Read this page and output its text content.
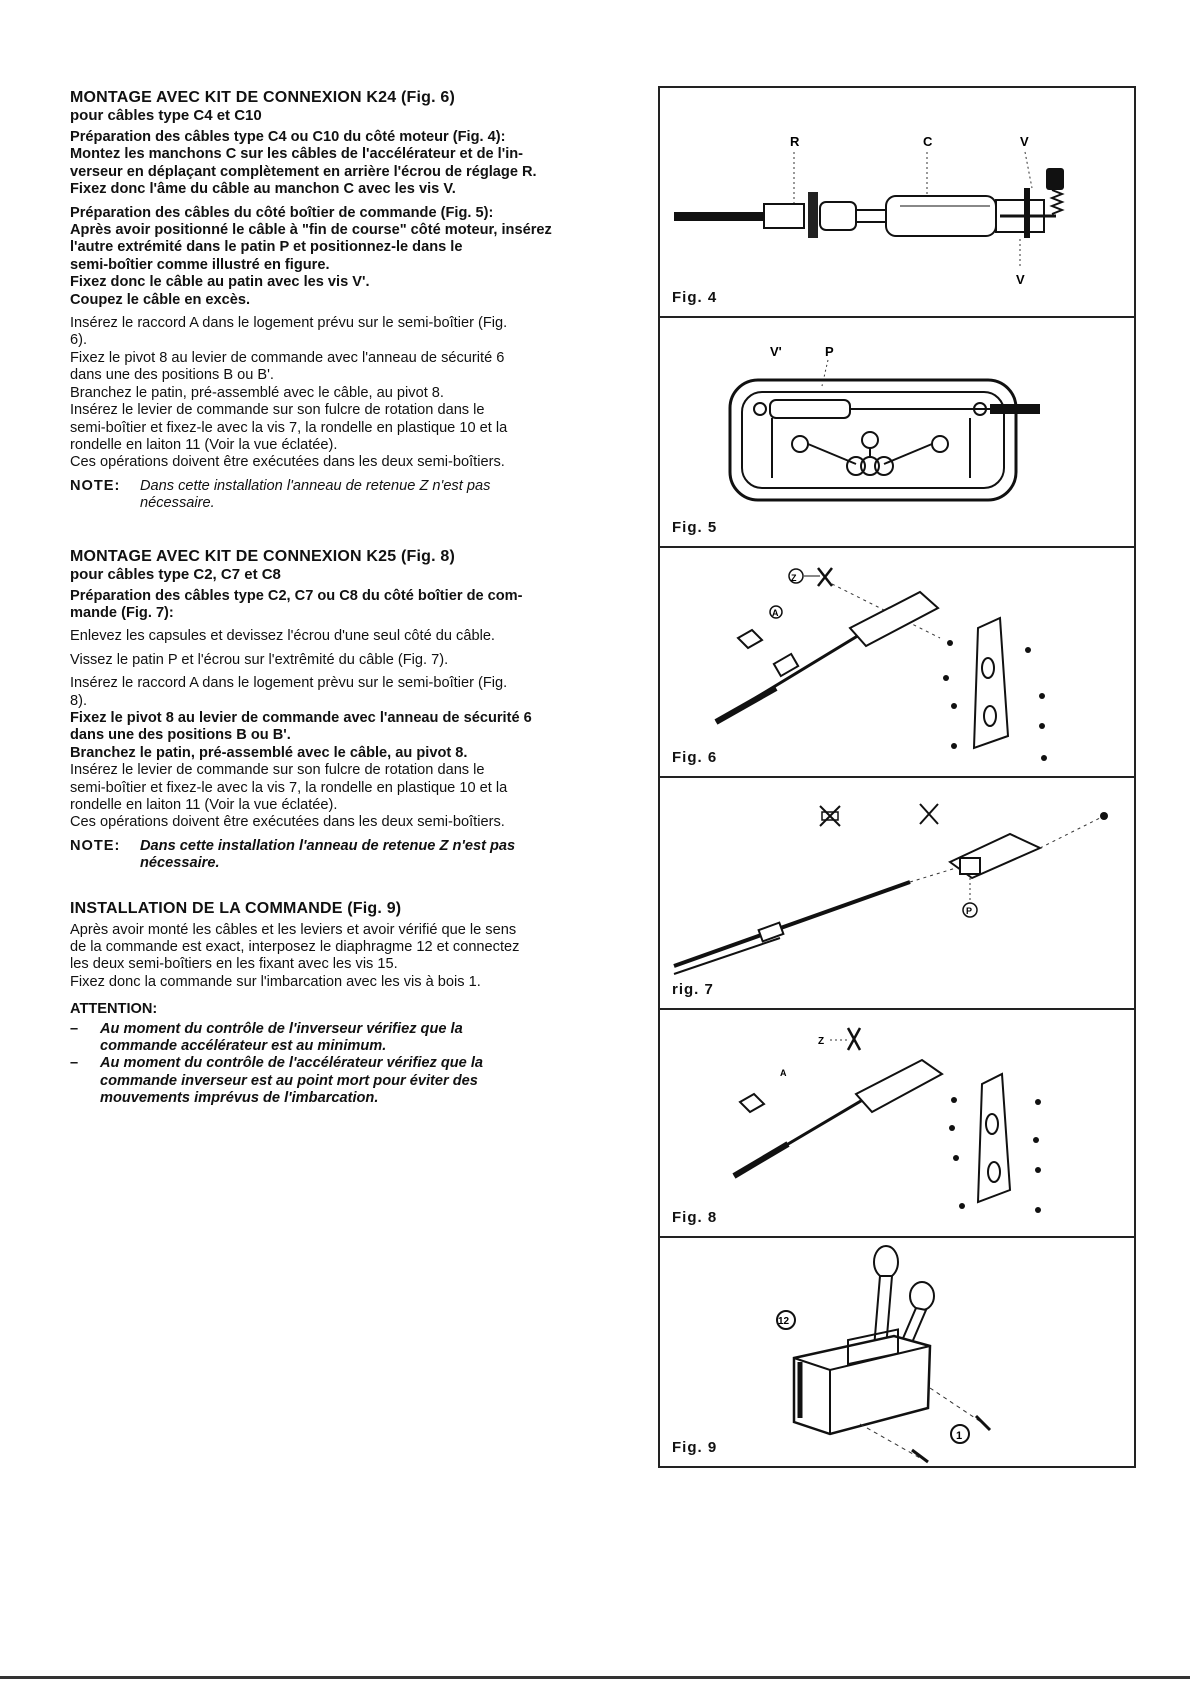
MONTAGE AVEC KIT DE CONNEXION K24 (Fig. 6)
pour câbles type C4 et C10
Préparation des câbles type C4 ou C10 du côté moteur (Fig. 4):
Montez les manchons C sur les câbles de l'accélérateur et de l'in-
verseur en déplaçant complètement en arrière l'écrou de réglage R.
Fixez donc l'âme du câble au manchon C avec les vis V.
Préparation des câbles du côté boîtier de commande (Fig. 5):
Après avoir positionné le câble à "fin de course" côté moteur, insérez
l'autre extrémité dans le patin P et positionnez-le dans le
semi-boîtier comme illustré en figure.
Fixez donc le câble au patin avec les vis V'.
Coupez le câble en excès.
Insérez le raccord A dans le logement prévu sur le semi-boîtier (Fig.
6).
Fixez le pivot 8 au levier de commande avec l'anneau de sécurité 6
dans une des positions B ou B'.
Branchez le patin, pré-assemblé avec le câble, au pivot 8.
Insérez le levier de commande sur son fulcre de rotation dans le
semi-boîtier et fixez-le avec la vis 7, la rondelle en plastique 10 et la
rondelle en laiton 11 (Voir la vue éclatée).
Ces opérations doivent être exécutées dans les deux semi-boîtiers.
NOTE:	Dans cette installation l'anneau de retenue Z n'est pas
nécessaire.
MONTAGE AVEC KIT DE CONNEXION K25 (Fig. 8)
pour câbles type C2, C7 et C8
Préparation des câbles type C2, C7 ou C8 du côté boîtier de com-
mande (Fig. 7):
Enlevez les capsules et devissez l'écrou d'une seul côté du câble.
Vissez le patin P et l'écrou sur l'extrêmité du câble (Fig. 7).
Insérez le raccord A dans le logement prèvu sur le semi-boîtier (Fig.
8).
Fixez le pivot 8 au levier de commande avec l'anneau de sécurité 6
dans une des positions B ou B'.
Branchez le patin, pré-assemblé avec le câble, au pivot 8.
Insérez le levier de commande sur son fulcre de rotation dans le
semi-boîtier et fixez-le avec la vis 7, la rondelle en plastique 10 et la
rondelle en laiton 11 (Voir la vue éclatée).
Ces opérations doivent être exécutées dans les deux semi-boîtiers.
NOTE:	Dans cette installation l'anneau de retenue Z n'est pas
nécessaire.
INSTALLATION DE LA COMMANDE (Fig. 9)
Après avoir monté les câbles et les leviers et avoir vérifié que le sens
de la commande est exact, interposez le diaphragme 12 et connectez
les deux semi-boîtiers en les fixant avec les vis 15.
Fixez donc la commande sur l'imbarcation avec les vis à bois 1.
ATTENTION:
–	Au moment du contrôle de l'inverseur vérifiez que la
commande accélérateur est au minimum.
–	Au moment du contrôle de l'accélérateur vérifiez que la
commande inverseur est au point mort pour éviter des
mouvements imprévus de l'imbarcation.
R	C	V
V
Fig. 4
V'	P
Fig. 5
Z
A
Fig. 6
P
rig. 7
Z
A
Fig. 8
12
1
Fig. 9
